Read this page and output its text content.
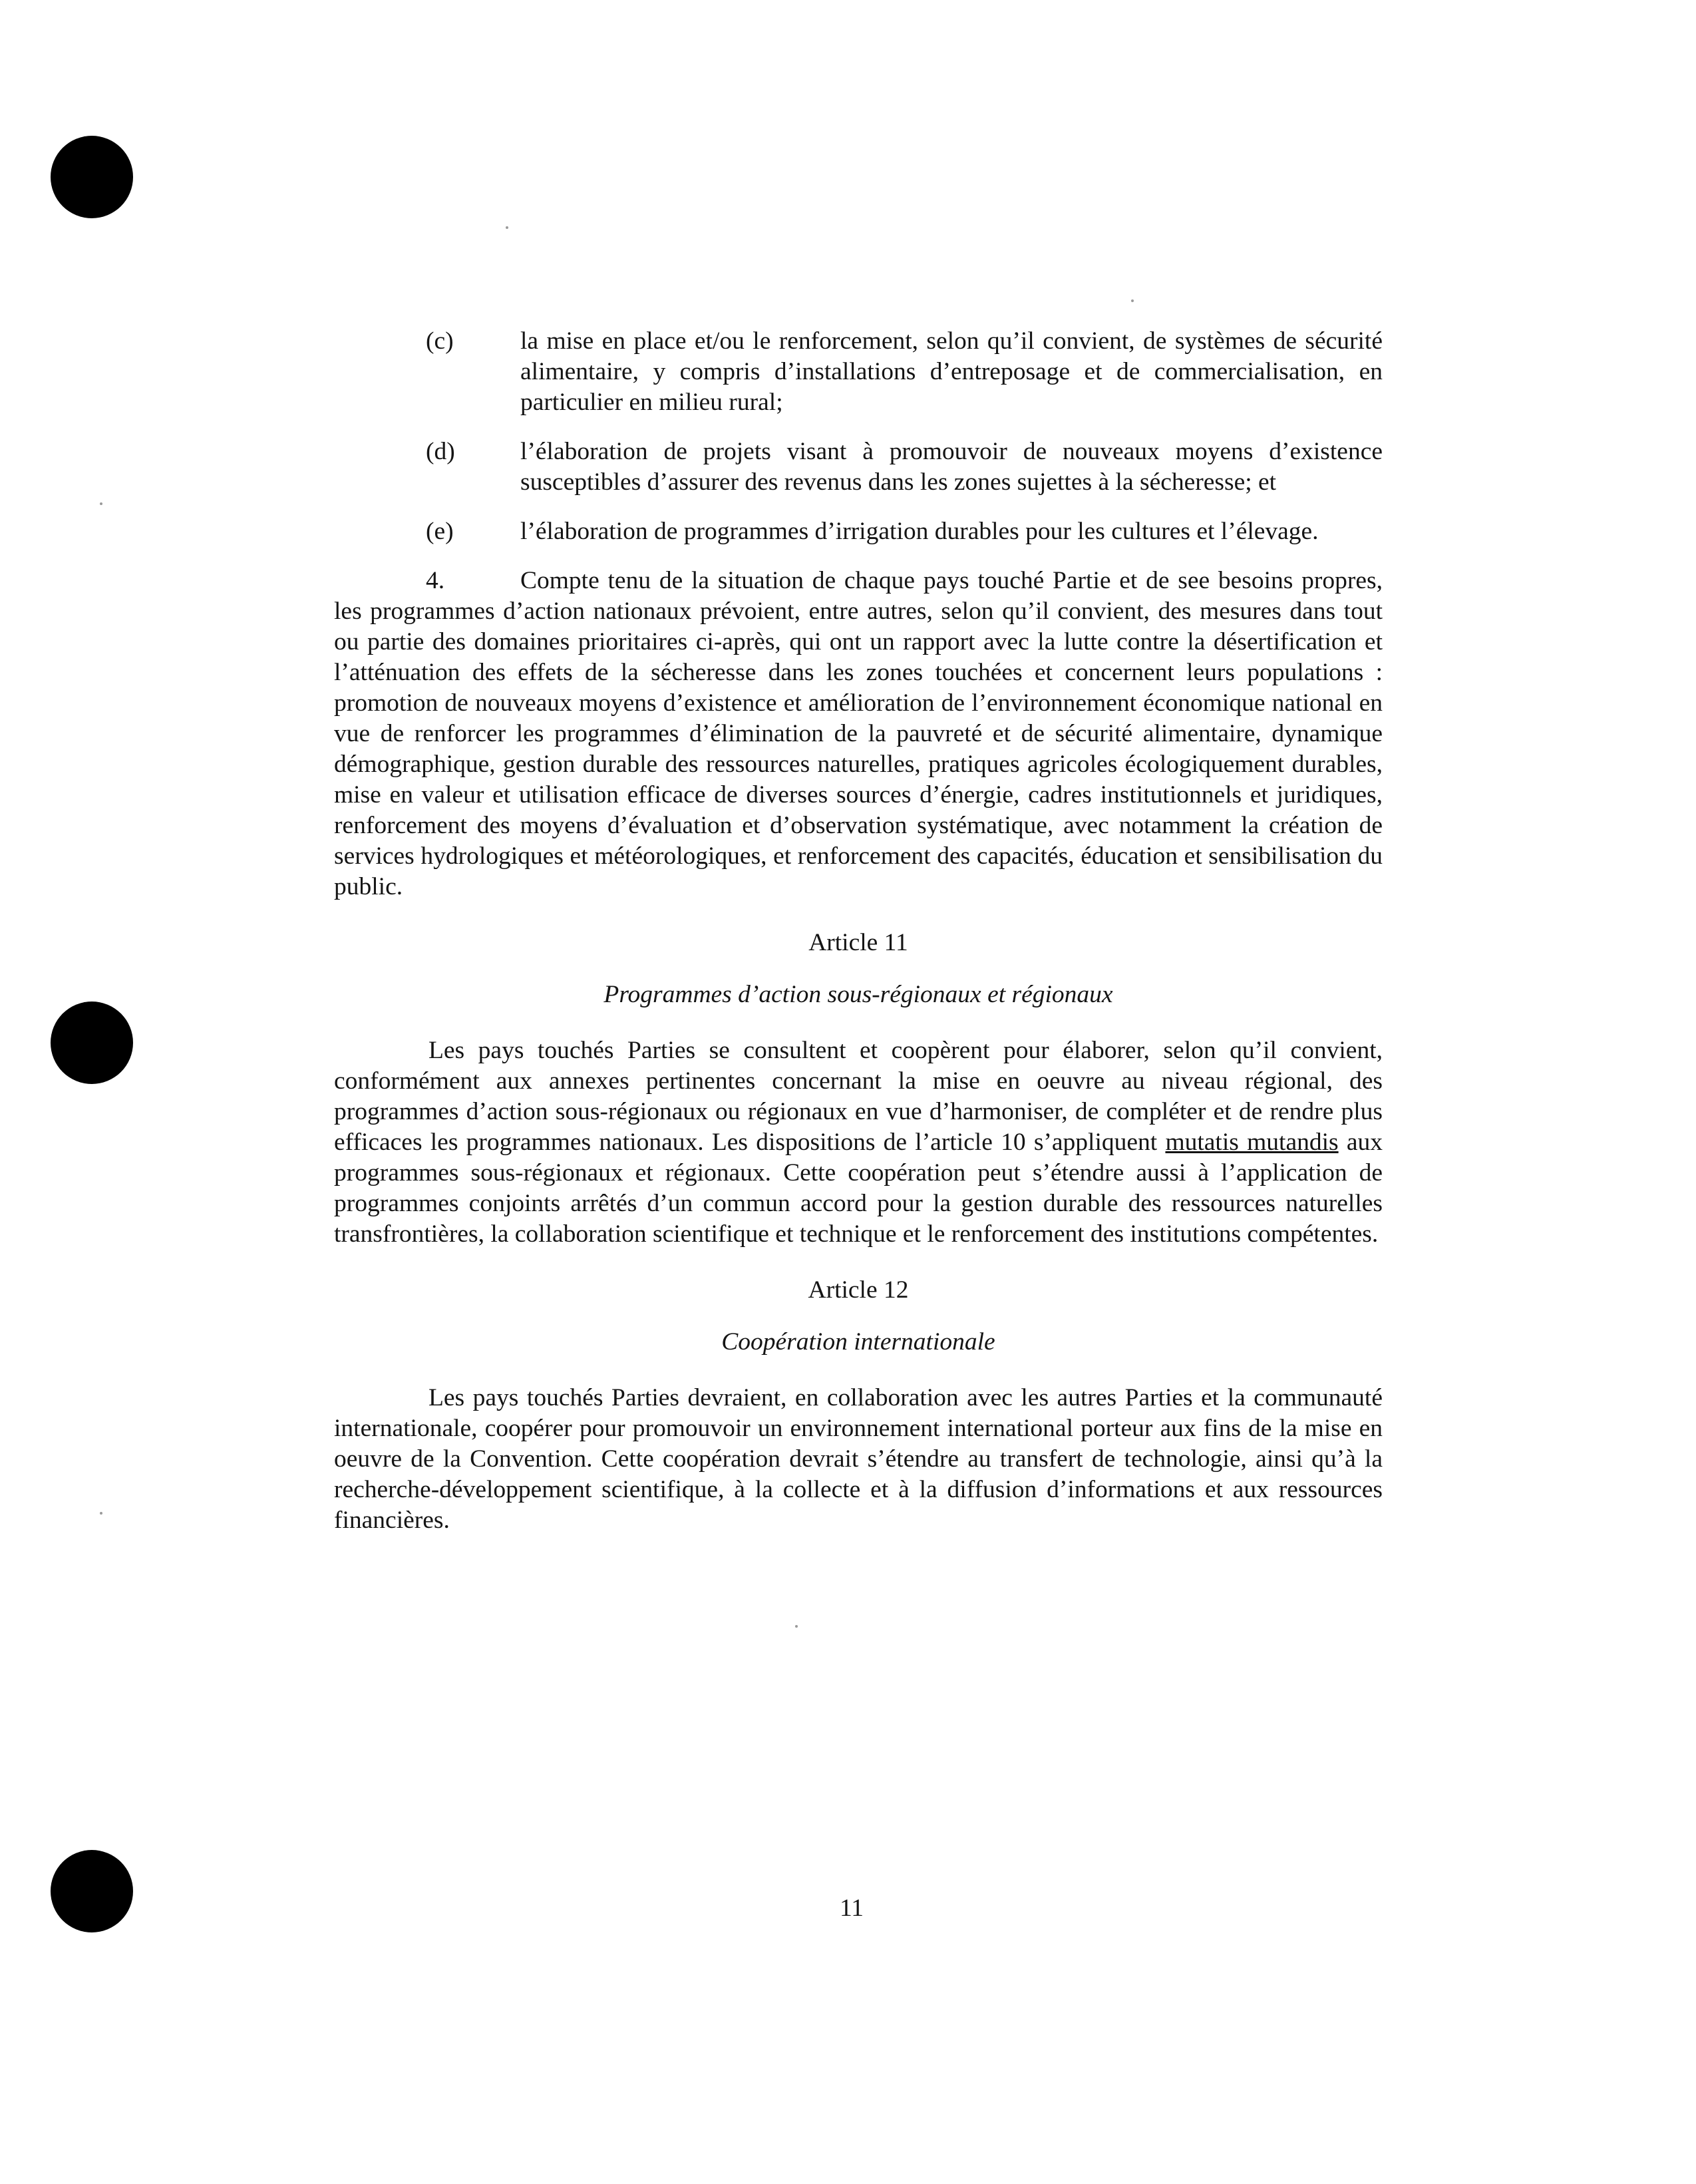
(c)	la mise en place et/ou le renforcement, selon qu’il convient, de systèmes de sécurité alimentaire, y compris d’installations d’entreposage et de commercialisation, en particulier en milieu rural;
(d)	l’élaboration de projets visant à promouvoir de nouveaux moyens d’existence susceptibles d’assurer des revenus dans les zones sujettes à la sécheresse; et
(e)	l’élaboration de programmes d’irrigation durables pour les cultures et l’élevage.

4.	Compte tenu de la situation de chaque pays touché Partie et de see besoins propres, les programmes d’action nationaux prévoient, entre autres, selon qu’il convient, des mesures dans tout ou partie des domaines prioritaires ci-après, qui ont un rapport avec la lutte contre la désertification et l’atténuation des effets de la sécheresse dans les zones touchées et concernent leurs populations : promotion de nouveaux moyens d’existence et amélioration de l’environnement économique national en vue de renforcer les programmes d’élimination de la pauvreté et de sécurité alimentaire, dynamique démographique, gestion durable des ressources naturelles, pratiques agricoles écologiquement durables, mise en valeur et utilisation efficace de diverses sources d’énergie, cadres institutionnels et juridiques, renforcement des moyens d’évaluation et d’observation systématique, avec notamment la création de services hydrologiques et météorologiques, et renforcement des capacités, éducation et sensibilisation du public.

Article 11
Programmes d’action sous-régionaux et régionaux

Les pays touchés Parties se consultent et coopèrent pour élaborer, selon qu’il convient, conformément aux annexes pertinentes concernant la mise en oeuvre au niveau régional, des programmes d’action sous-régionaux ou régionaux en vue d’harmoniser, de compléter et de rendre plus efficaces les programmes nationaux. Les dispositions de l’article 10 s’appliquent mutatis mutandis aux programmes sous-régionaux et régionaux. Cette coopération peut s’étendre aussi à l’application de programmes conjoints arrêtés d’un commun accord pour la gestion durable des ressources naturelles transfrontières, la collaboration scientifique et technique et le renforcement des institutions compétentes.

Article 12
Coopération internationale

Les pays touchés Parties devraient, en collaboration avec les autres Parties et la communauté internationale, coopérer pour promouvoir un environnement international porteur aux fins de la mise en oeuvre de la Convention. Cette coopération devrait s’étendre au transfert de technologie, ainsi qu’à la recherche-développement scientifique, à la collecte et à la diffusion d’informations et aux ressources financières.

11
